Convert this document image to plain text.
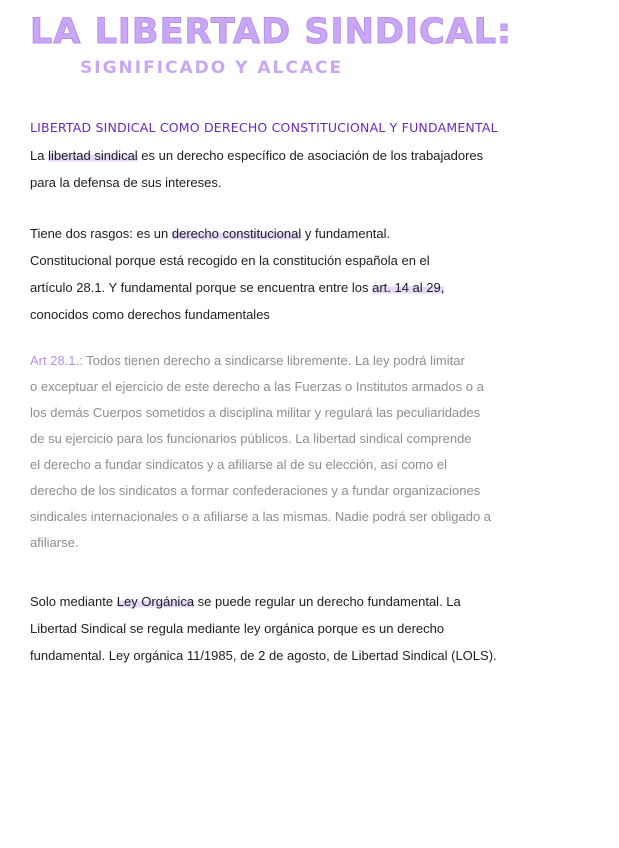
LA LIBERTAD SINDICAL:
SIGNIFICADO Y ALCACE
LIBERTAD SINDICAL COMO DERECHO CONSTITUCIONAL Y FUNDAMENTAL
La libertad sindical es un derecho específico de asociación de los trabajadores
para la defensa de sus intereses.
Tiene dos rasgos: es un derecho constitucional y fundamental.
Constitucional porque está recogido en la constitución española en el
artículo 28.1. Y fundamental porque se encuentra entre los art. 14 al 29,
conocidos como derechos fundamentales
Art 28.1.: Todos tienen derecho a sindicarse libremente. La ley podrá limitar
o exceptuar el ejercicio de este derecho a las Fuerzas o Institutos armados o a
los demás Cuerpos sometidos a disciplina militar y regulará las peculiaridades
de su ejercicio para los funcionarios públicos. La libertad sindical comprende
el derecho a fundar sindicatos y a afiliarse al de su elección, así como el
derecho de los sindicatos a formar confederaciones y a fundar organizaciones
sindicales internacionales o a afiliarse a las mismas. Nadie podrá ser obligado a
afiliarse.
Solo mediante Ley Orgánica se puede regular un derecho fundamental. La
Libertad Sindical se regula mediante ley orgánica porque es un derecho
fundamental. Ley orgánica 11/1985, de 2 de agosto, de Libertad Sindical (LOLS).
